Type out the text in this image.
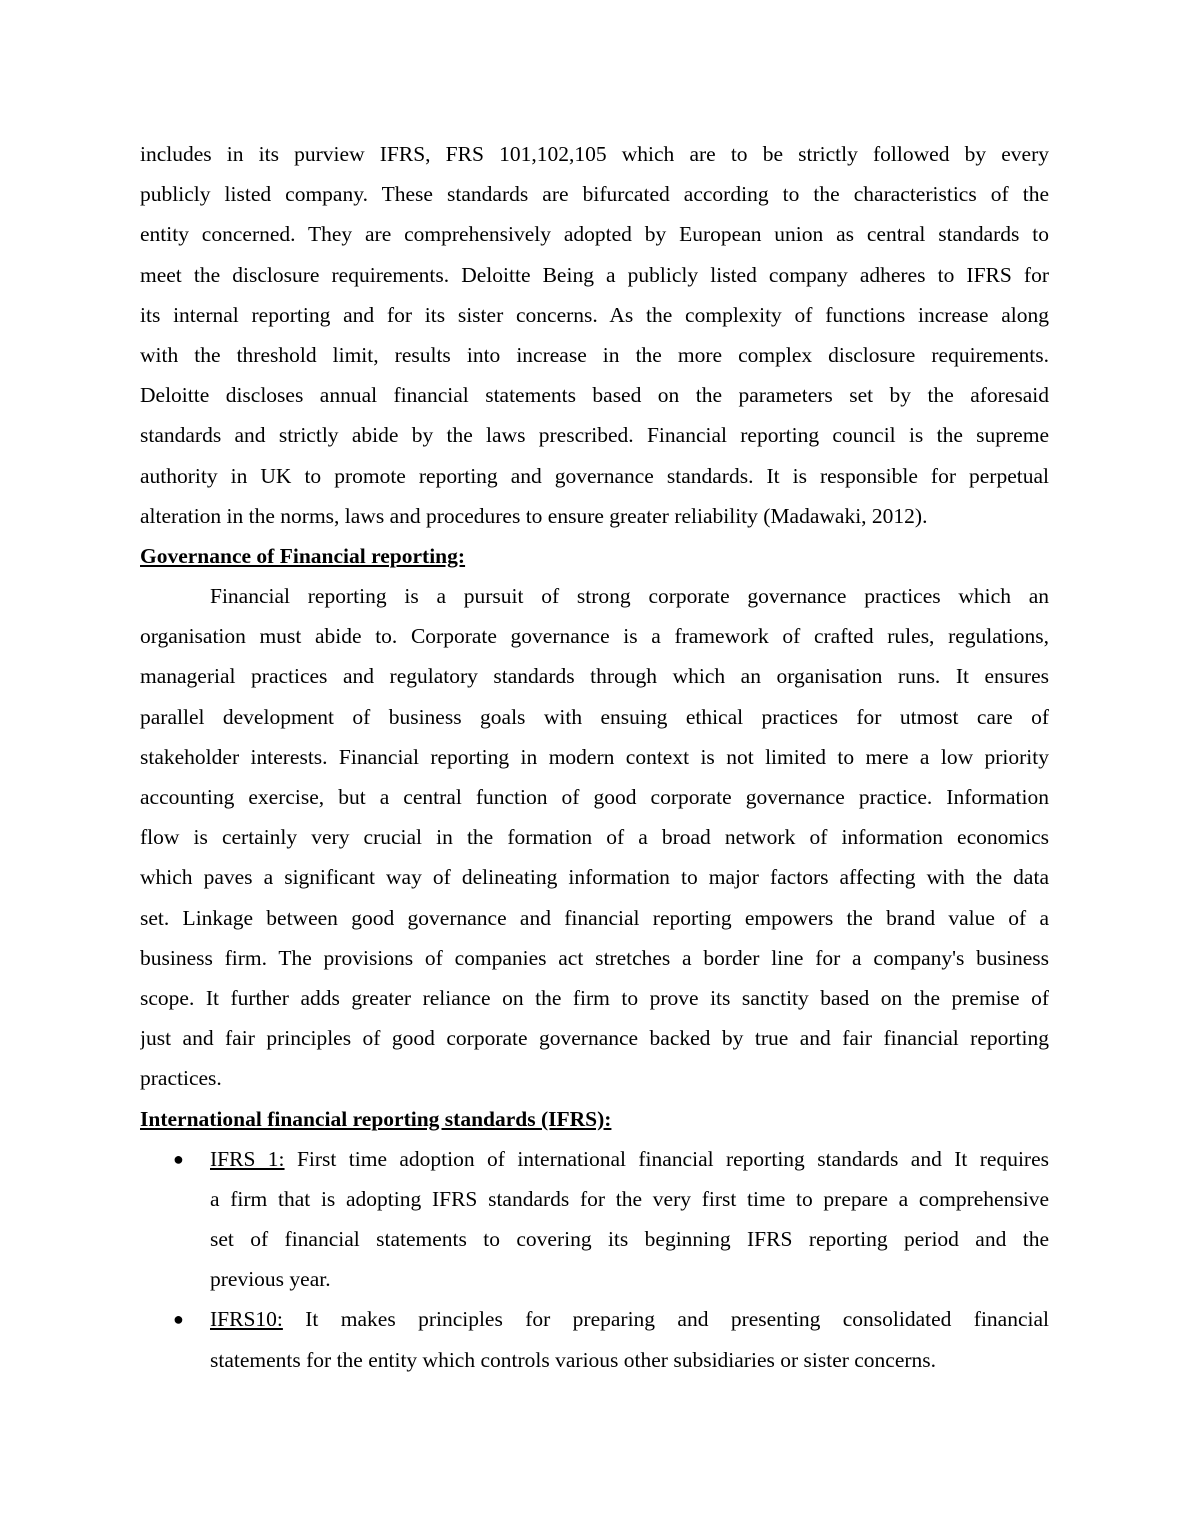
includes in its purview IFRS, FRS 101,102,105 which are to be strictly followed by every
publicly listed company. These standards are bifurcated according to the characteristics of the
entity concerned. They are comprehensively adopted by European union as central standards to
meet the disclosure requirements. Deloitte Being a publicly listed company adheres to IFRS for
its internal reporting and for its sister concerns. As the complexity of functions increase along
with the threshold limit, results into increase in the more complex disclosure requirements.
Deloitte discloses annual financial statements based on the parameters set by the aforesaid
standards and strictly abide by the laws prescribed. Financial reporting council is the supreme
authority in UK to promote reporting and governance standards. It is responsible for perpetual
alteration in the norms, laws and procedures to ensure greater reliability (Madawaki, 2012).
Governance of Financial reporting:
Financial reporting is a pursuit of strong corporate governance practices which an
organisation must abide to. Corporate governance is a framework of crafted rules, regulations,
managerial practices and regulatory standards through which an organisation runs. It ensures
parallel development of business goals with ensuing ethical practices for utmost care of
stakeholder interests. Financial reporting in modern context is not limited to mere a low priority
accounting exercise, but a central function of good corporate governance practice. Information
flow is certainly very crucial in the formation of a broad network of information economics
which paves a significant way of delineating information to major factors affecting with the data
set. Linkage between good governance and financial reporting empowers the brand value of a
business firm. The provisions of companies act stretches a border line for a company's business
scope. It further adds greater reliance on the firm to prove its sanctity based on the premise of
just and fair principles of good corporate governance backed by true and fair financial reporting
practices.
International financial reporting standards (IFRS):
● IFRS 1: First time adoption of international financial reporting standards and It requires
a firm that is adopting IFRS standards for the very first time to prepare a comprehensive
set of financial statements to covering its beginning IFRS reporting period and the
previous year.
● IFRS10: It makes principles for preparing and presenting consolidated financial
statements for the entity which controls various other subsidiaries or sister concerns.
